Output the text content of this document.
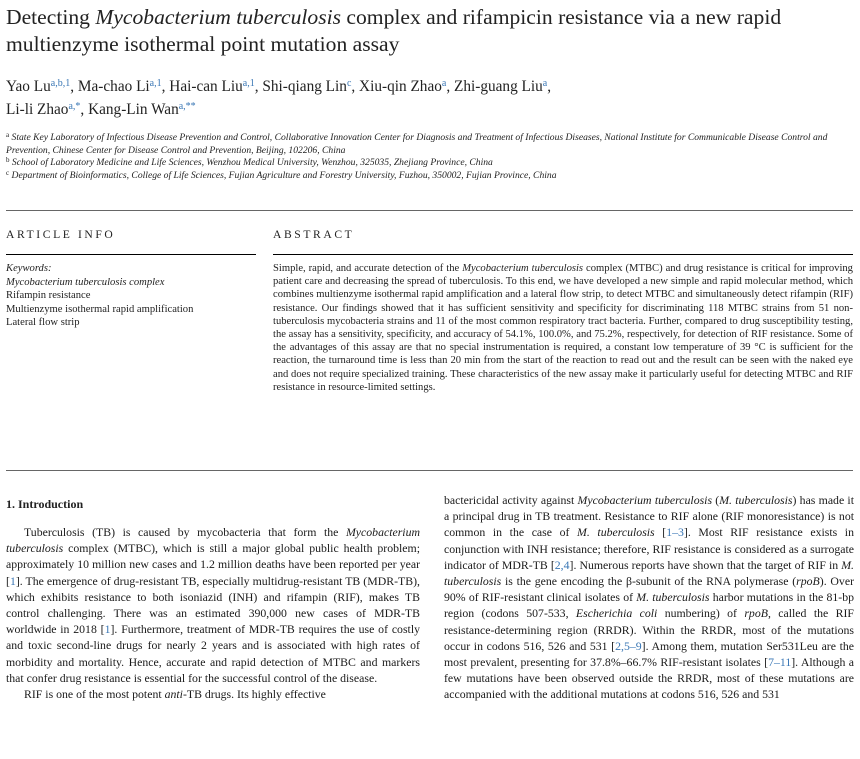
Detecting Mycobacterium tuberculosis complex and rifampicin resistance via a new rapid multienzyme isothermal point mutation assay

Yao Lu$^{a,b,1}$, Ma-chao Li$^{a,1}$, Hai-can Liu$^{a,1}$, Shi-qiang Lin$^c$, Xiu-qin Zhao$^a$, Zhi-guang Liu$^a$,
Li-li Zhao$^{a,*}$, Kang-Lin Wan$^{a,**}$

$^a$ State Key Laboratory of Infectious Disease Prevention and Control, Collaborative Innovation Center for Diagnosis and Treatment of Infectious Diseases, National Institute for Communicable Disease Control and Prevention, Chinese Center for Disease Control and Prevention, Beijing, 102206, China

$^b$ School of Laboratory Medicine and Life Sciences, Wenzhou Medical University, Wenzhou, 325035, Zhejiang Province, China

$^c$ Department of Bioinformatics, College of Life Sciences, Fujian Agriculture and Forestry University, Fuzhou, 350002, Fujian Province, China

ARTICLE INFO	ABSTRACT
Keywords:
Mycobacterium tuberculosis complex
Rifampin resistance
Multienzyme isothermal rapid amplification
Lateral flow strip

Simple, rapid, and accurate detection of the Mycobacterium tuberculosis complex (MTBC) and drug resistance is critical for improving patient care and decreasing the spread of tuberculosis. To this end, we have developed a new simple and rapid molecular method, which combines multienzyme isothermal rapid amplification and a lateral flow strip, to detect MTBC and simultaneously detect rifampin (RIF) resistance. Our findings showed that it has sufficient sensitivity and specificity for discriminating 118 MTBC strains from 51 non-tuberculosis mycobacteria strains and 11 of the most common respiratory tract bacteria. Further, compared to drug susceptibility testing, the assay has a sensitivity, specificity, and accuracy of 54.1%, 100.0%, and 75.2%, respectively, for detection of RIF resistance. Some of the advantages of this assay are that no special instrumentation is required, a constant low temperature of 39 °C is sufficient for the reaction, the turnaround time is less than 20 min from the start of the reaction to read out and the result can be seen with the naked eye and does not require specialized training. These characteristics of the new assay make it particularly useful for detecting MTBC and RIF resistance in resource-limited settings.

1. Introduction

Tuberculosis (TB) is caused by mycobacteria that form the Mycobacterium tuberculosis complex (MTBC), which is still a major global public health problem; approximately 10 million new cases and 1.2 million deaths have been reported per year [1]. The emergence of drug-resistant TB, especially multidrug-resistant TB (MDR-TB), which exhibits resistance to both isoniazid (INH) and rifampin (RIF), makes TB control challenging. There was an estimated 390,000 new cases of MDR-TB worldwide in 2018 [1]. Furthermore, treatment of MDR-TB requires the use of costly and toxic second-line drugs for nearly 2 years and is associated with high rates of morbidity and mortality. Hence, accurate and rapid detection of MTBC and markers that confer drug resistance is essential for the successful control of the disease.

RIF is one of the most potent anti-TB drugs. Its highly effective

bactericidal activity against Mycobacterium tuberculosis (M. tuberculosis) has made it a principal drug in TB treatment. Resistance to RIF alone (RIF monoresistance) is not common in the case of M. tuberculosis [1–3]. Most RIF resistance exists in conjunction with INH resistance; therefore, RIF resistance is considered as a surrogate indicator of MDR-TB [2,4]. Numerous reports have shown that the target of RIF in M. tuberculosis is the gene encoding the β-subunit of the RNA polymerase (rpoB). Over 90% of RIF-resistant clinical isolates of M. tuberculosis harbor mutations in the 81-bp region (codons 507-533, Escherichia coli numbering) of rpoB, called the RIF resistance-determining region (RRDR). Within the RRDR, most of the mutations occur in codons 516, 526 and 531 [2,5–9]. Among them, mutation Ser531Leu are the most prevalent, presenting for 37.8%–66.7% RIF-resistant isolates [7–11]. Although a few mutations have been observed outside the RRDR, most of these mutations are accompanied with the additional mutations at codons 516, 526 and 531
